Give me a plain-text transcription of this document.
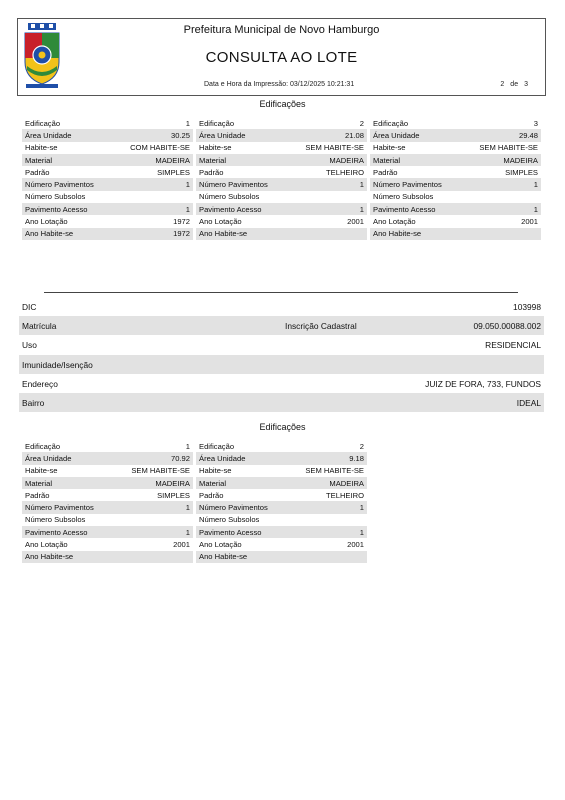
Prefeitura Municipal de Novo Hamburgo
CONSULTA AO LOTE
Data e Hora da Impressão: 03/12/2025 10:21:31	2 de 3
Edificações
Edificação	1
Área Unidade	30.25
Habite-se	COM HABITE-SE
Material	MADEIRA
Padrão	SIMPLES
Número Pavimentos	1
Número Subsolos
Pavimento Acesso	1
Ano Lotação	1972
Ano Habite-se	1972
Edificação	2
Área Unidade	21.08
Habite-se	SEM HABITE-SE
Material	MADEIRA
Padrão	TELHEIRO
Número Pavimentos	1
Número Subsolos
Pavimento Acesso	1
Ano Lotação	2001
Ano Habite-se
Edificação	3
Área Unidade	29.48
Habite-se	SEM HABITE-SE
Material	MADEIRA
Padrão	SIMPLES
Número Pavimentos	1
Número Subsolos
Pavimento Acesso	1
Ano Lotação	2001
Ano Habite-se
DIC	103998
Matrícula	Inscrição Cadastral	09.050.00088.002
Uso	RESIDENCIAL
Imunidade/Isenção
Endereço	JUIZ DE FORA, 733, FUNDOS
Bairro	IDEAL
Edificações
Edificação	1
Área Unidade	70.92
Habite-se	SEM HABITE-SE
Material	MADEIRA
Padrão	SIMPLES
Número Pavimentos	1
Número Subsolos
Pavimento Acesso	1
Ano Lotação	2001
Ano Habite-se
Edificação	2
Área Unidade	9.18
Habite-se	SEM HABITE-SE
Material	MADEIRA
Padrão	TELHEIRO
Número Pavimentos	1
Número Subsolos
Pavimento Acesso	1
Ano Lotação	2001
Ano Habite-se
